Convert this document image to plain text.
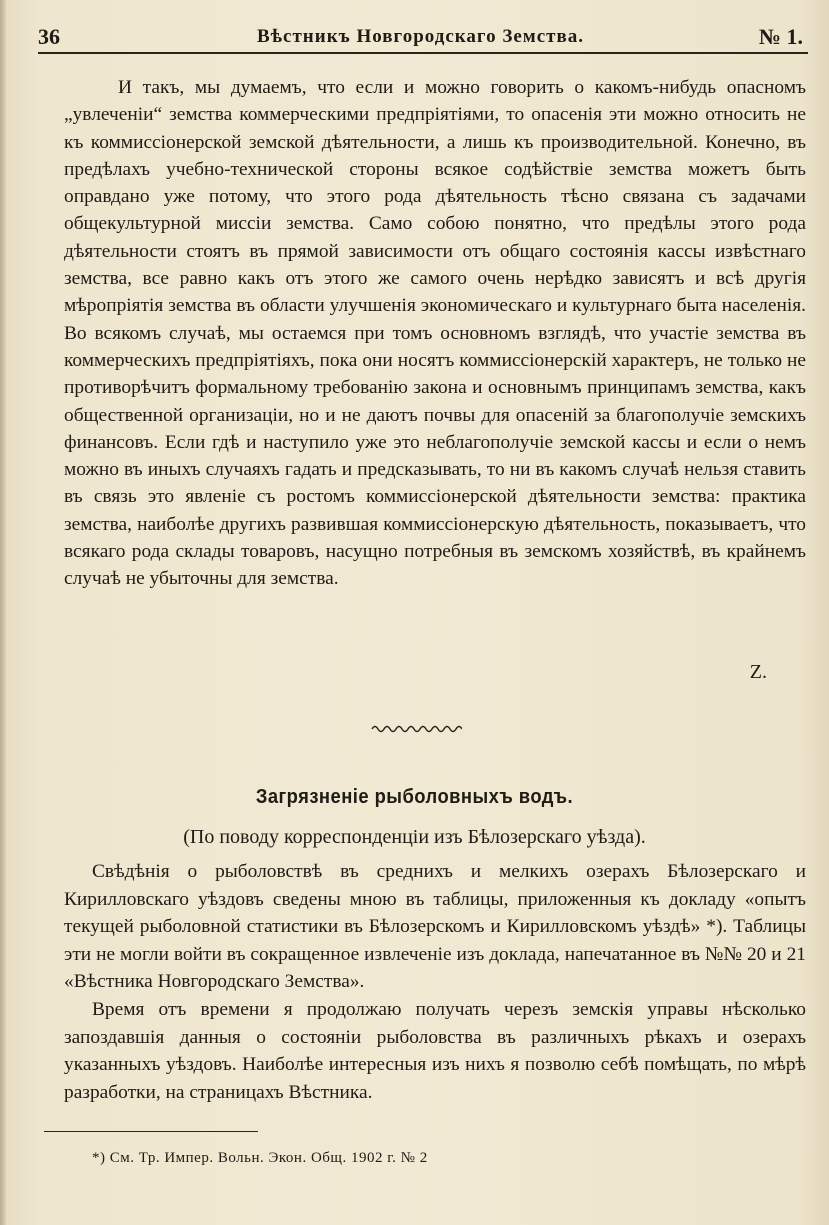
36	Вѣстникъ Новгородскаго Земства.	№ 1.

И такъ, мы думаемъ, что если и можно говорить о какомъ-нибудь опасномъ „увлеченіи“ земства коммерческими предпріятіями, то опасенія эти можно относить не къ коммиссіонерской земской дѣятельности, а лишь къ производительной. Конечно, въ предѣлахъ учебно-техничеcкой стороны всякое содѣйствіе земства можетъ быть оправдано уже потому, что этого рода дѣятельность тѣсно связана съ задачами общекультурной миссіи земства. Само собою понятно, что предѣлы этого рода дѣятельности стоятъ въ прямой зависимости отъ общаго состоянія кассы извѣстнаго земства, все равно какъ отъ этого же самого очень нерѣдко зависятъ и всѣ другія мѣропріятія земства въ области улучшенія экономическаго и культурнаго быта населенія. Во всякомъ случаѣ, мы остаемся при томъ основномъ взглядѣ, что участіе земства въ коммерческихъ предпріятіяхъ, пока они носятъ коммиссіонерскій характеръ, не только не противорѣчитъ формальному требованію закона и основнымъ принципамъ земства, какъ общественной организаціи, но и не даютъ почвы для опасеній за благополучіе земскихъ финансовъ. Если гдѣ и наступило уже это неблагополучіе земской кассы и если о немъ можно въ иныхъ случаяхъ гадать и предсказывать, то ни въ какомъ случаѣ нельзя ставить въ связь это явленіе съ ростомъ коммиссіонерской дѣятельности земства: практика земства, наиболѣе другихъ развившая коммиссіонерскую дѣятельность, показываетъ, что всякаго рода склады товаровъ, насущно потребныя въ земскомъ хозяйствѣ, въ крайнемъ случаѣ не убыточны для земства.

Z.
Загрязненіе рыболовныхъ водъ.
(По поводу корреспонденціи изъ Бѣлозерскаго уѣзда).

Свѣдѣнія о рыболовствѣ въ среднихъ и мелкихъ озерахъ Бѣлозерскаго и Кирилловскаго уѣздовъ сведены мною въ таблицы, приложенныя къ докладу «опытъ текущей рыболовной статистики въ Бѣлозерскомъ и Кирилловскомъ уѣздѣ» *). Таблицы эти не могли войти въ сокращенное извлеченіе изъ доклада, напечатанное въ №№ 20 и 21 «Вѣстника Новгородскаго Земства».

Время отъ времени я продолжаю получать черезъ земскія управы нѣсколько запоздавшія данныя о состояніи рыболовства въ различныхъ рѣкахъ и озерахъ указанныхъ уѣздовъ. Наиболѣе интересныя изъ нихъ я позволю себѣ помѣщать, по мѣрѣ разработки, на страницахъ Вѣстника.

*) См. Тр. Импер. Вольн. Экон. Общ. 1902 г. № 2
